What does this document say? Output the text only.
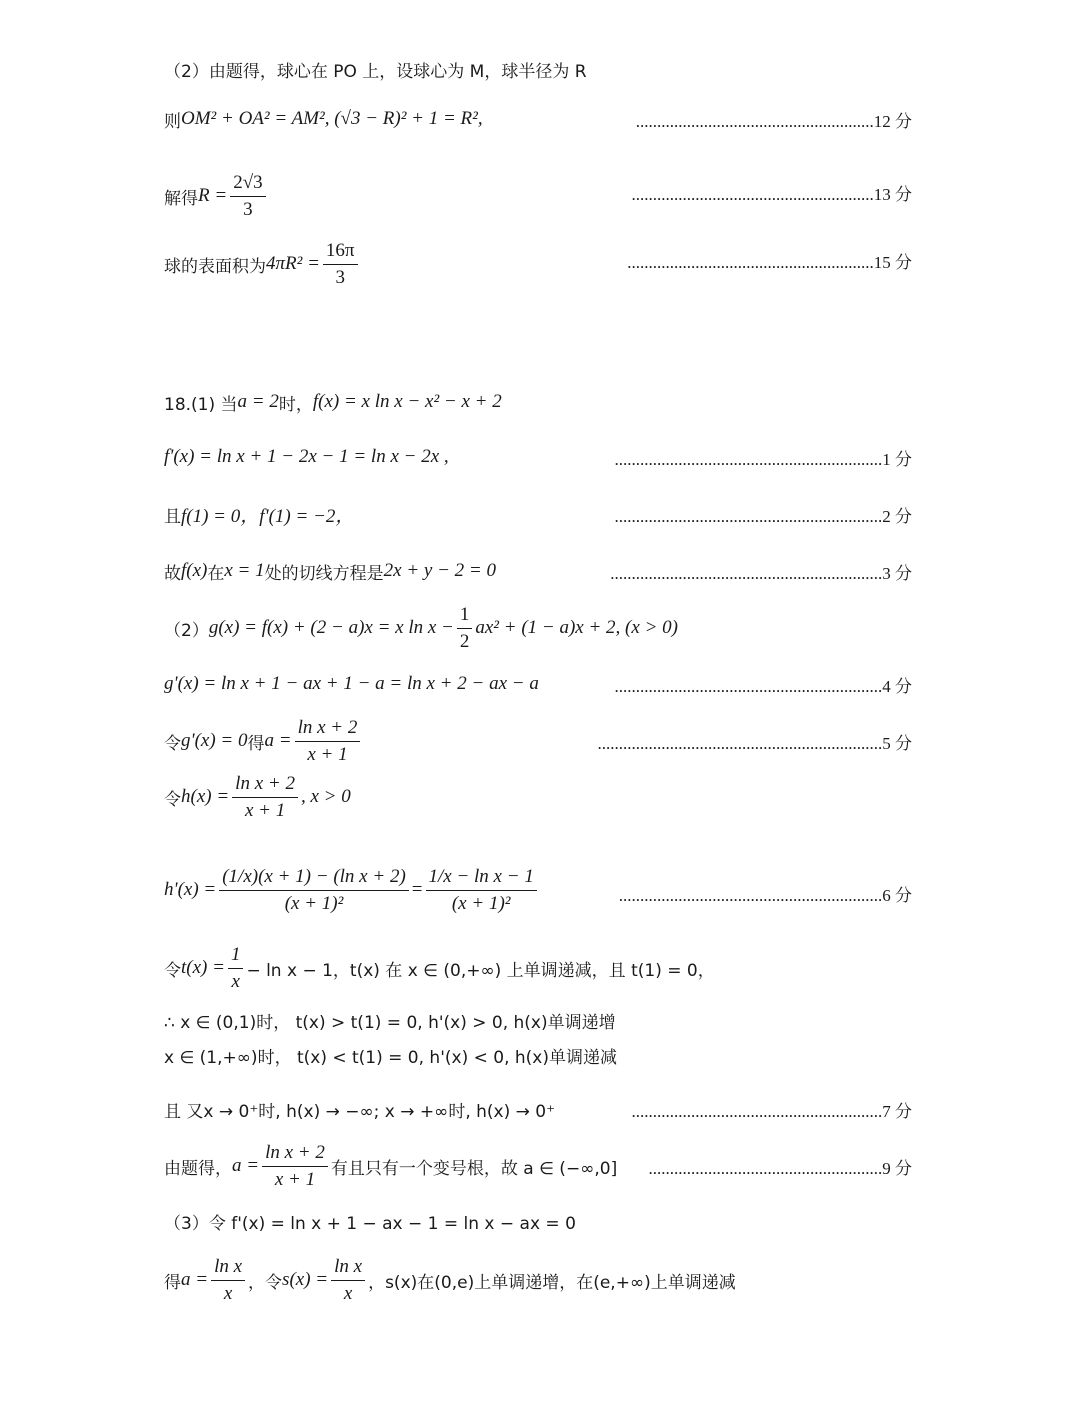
（2）由题得，球心在 PO 上，设球心为 M，球半径为 R
则 OM² + OA² = AM², (√3 − R)² + 1 = R²,	........................................................12 分
解得 $R = \frac{2√3}{3}$	.........................................................13 分
球的表面积为 $4\pi R^2 = \frac{16\pi}{3}$	..........................................................15 分
18.(1) 当 a = 2 时， f(x) = x ln x − x² − x + 2
f'(x) = ln x + 1 − 2x − 1 = ln x − 2x ,	...............................................................1 分
且 f(1) = 0，f'(1) = −2，	...............................................................2 分
故 f(x) 在 x = 1 处的切线方程是 2x + y − 2 = 0	................................................................3 分
（2） g(x) = f(x) + (2 − a)x = x $\ln x - \frac{1}{2} ax^2 + (1 - a)x + 2$, (x > 0)
g'(x) = ln x + 1 − ax + 1 − a = ln x + 2 − ax − a	...............................................................4 分
令 g'(x) = 0 得 $a = \frac{\text{ln x + 2}}{x + 1}$	...................................................................5 分
令 $h(x) = \frac{\text{ln x + 2}}{x + 1}$ , x > 0
$h'(x) = \frac{\text{(1/x)(x + 1) − (ln x + 2)}}{\text{(x + 1)²}} = \frac{\text{1/x − ln x − 1}}{\text{(x + 1)²}}$	..............................................................6 分
令 $t(x) = \frac{1}{x} - \ln x - 1$，t(x) 在 x ∈ (0,+∞) 上单调递减，且 t(1) = 0，
∴ x ∈ (0,1)时， t(x) > t(1) = 0, h'(x) > 0, h(x)单调递增
x ∈ (1,+∞)时， t(x) < t(1) = 0, h'(x) < 0, h(x)单调递减
且 又x → 0⁺时, h(x) → −∞; x → +∞时, h(x) → 0⁺	...........................................................7 分
由题得， $a = \frac{\text{ln x + 2}}{x + 1}$ 有且只有一个变号根，故 a ∈ (−∞,0] .......................................................9 分
（3）令 f'(x) = ln x + 1 − ax − 1 = ln x − ax = 0
得 $a = \frac{\text{ln x}}{x}$ ，令 $s(x) = \frac{\text{ln x}}{x}$ ，s(x)在(0,e)上单调递增，在(e,+∞)上单调递减
